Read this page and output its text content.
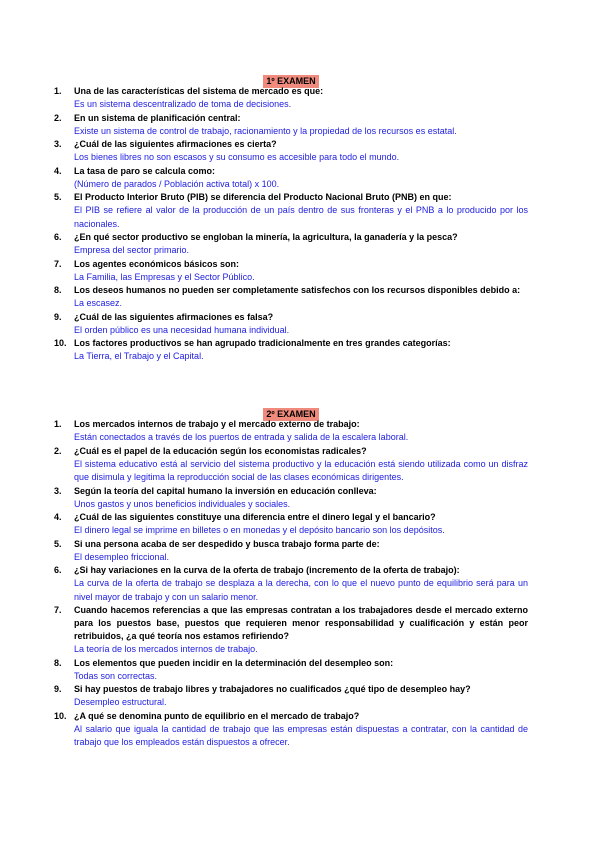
1º EXAMEN
1.	Una de las características del sistema de mercado es que:
Es un sistema descentralizado de toma de decisiones.
2.	En un sistema de planificación central:
Existe un sistema de control de trabajo, racionamiento y la propiedad de los recursos es estatal.
3.	¿Cuál de las siguientes afirmaciones es cierta?
Los bienes libres no son escasos y su consumo es accesible para todo el mundo.
4.	La tasa de paro se calcula como:
(Número de parados / Población activa total) x 100.
5.	El Producto Interior Bruto (PIB) se diferencia del Producto Nacional Bruto (PNB) en que:
El PIB se refiere al valor de la producción de un país dentro de sus fronteras y el PNB a lo producido por los nacionales.
6.	¿En qué sector productivo se engloban la minería, la agricultura, la ganadería y la pesca?
Empresa del sector primario.
7.	Los agentes económicos básicos son:
La Familia, las Empresas y el Sector Público.
8.	Los deseos humanos no pueden ser completamente satisfechos con los recursos disponibles debido a:
La escasez.
9.	¿Cuál de las siguientes afirmaciones es falsa?
El orden público es una necesidad humana individual.
10. Los factores productivos se han agrupado tradicionalmente en tres grandes categorías:
La Tierra, el Trabajo y el Capital.
2º EXAMEN
1.	Los mercados internos de trabajo y el mercado externo de trabajo:
Están conectados a través de los puertos de entrada y salida de la escalera laboral.
2.	¿Cuál es el papel de la educación según los economistas radicales?
El sistema educativo está al servicio del sistema productivo y la educación está siendo utilizada como un disfraz que disimula y legitima la reproducción social de las clases económicas dirigentes.
3.	Según la teoría del capital humano la inversión en educación conlleva:
Unos gastos y unos beneficios individuales y sociales.
4.	¿Cuál de las siguientes constituye una diferencia entre el dinero legal y el bancario?
El dinero legal se imprime en billetes o en monedas y el depósito bancario son los depósitos.
5.	Si una persona acaba de ser despedido y busca trabajo forma parte de:
El desempleo friccional.
6.	¿Si hay variaciones en la curva de la oferta de trabajo (incremento de la oferta de trabajo):
La curva de la oferta de trabajo se desplaza a la derecha, con lo que el nuevo punto de equilibrio será para un nivel mayor de trabajo y con un salario menor.
7.	Cuando hacemos referencias a que las empresas contratan a los trabajadores desde el mercado externo para los puestos base, puestos que requieren menor responsabilidad y cualificación y están peor retribuidos, ¿a qué teoría nos estamos refiriendo?
La teoría de los mercados internos de trabajo.
8.	Los elementos que pueden incidir en la determinación del desempleo son:
Todas son correctas.
9.	Si hay puestos de trabajo libres y trabajadores no cualificados ¿qué tipo de desempleo hay?
Desempleo estructural.
10. ¿A qué se denomina punto de equilibrio en el mercado de trabajo?
Al salario que iguala la cantidad de trabajo que las empresas están dispuestas a contratar, con la cantidad de trabajo que los empleados están dispuestos a ofrecer.
